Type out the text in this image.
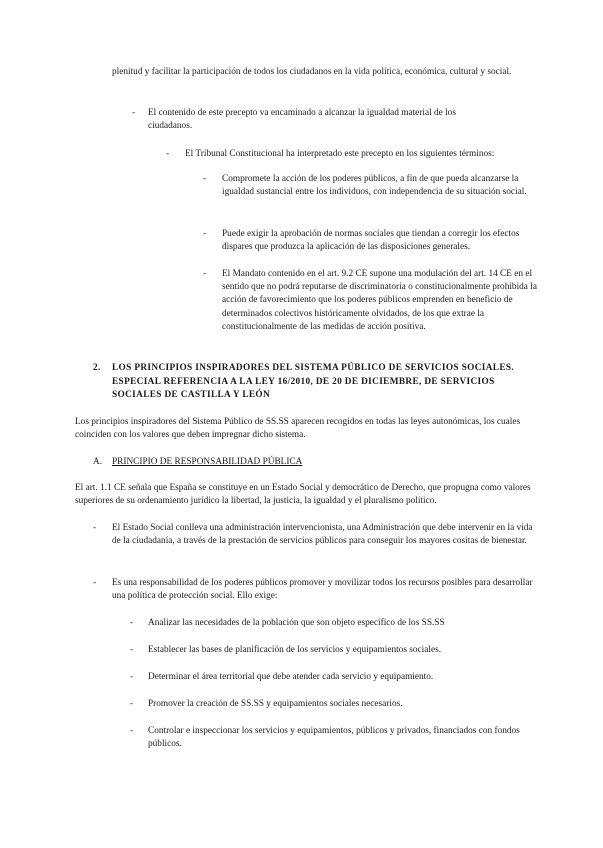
plenitud y facilitar la participación de todos los ciudadanos en la vida política, económica, cultural y social.

- El contenido de este precepto va encaminado a alcanzar la igualdad material de los ciudadanos.

- El Tribunal Constitucional ha interpretado este precepto en los siguientes términos:

- Compromete la acción de los poderes públicos, a fin de que pueda alcanzarse la igualdad sustancial entre los individuos, con independencia de su situación social.

- Puede exigir la aprobación de normas sociales que tiendan a corregir los efectos dispares que produzca la aplicación de las disposiciones generales.

- El Mandato contenido en el art. 9.2 CE supone una modulación del art. 14 CE en el sentido que no podrá reputarse de discriminatoria o constitucionalmente prohibida la acción de favorecimiento que los poderes públicos emprenden en beneficio de determinados colectivos históricamente olvidados, de los que extrae la constitucionalmente de las medidas de acción positiva.

2. LOS PRINCIPIOS INSPIRADORES DEL SISTEMA PÚBLICO DE SERVICIOS SOCIALES. ESPECIAL REFERENCIA A LA LEY 16/2010, DE 20 DE DICIEMBRE, DE SERVICIOS SOCIALES DE CASTILLA Y LEÓN

Los principios inspiradores del Sistema Público de SS.SS aparecen recogidos en todas las leyes autonómicas, los cuales coinciden con los valores que deben impregnar dicho sistema.

A. PRINCIPIO DE RESPONSABILIDAD PÚBLICA

El art. 1.1 CE señala que España se constituye en un Estado Social y democrático de Derecho, que propugna como valores superiores de su ordenamiento jurídico la libertad, la justicia, la igualdad y el pluralismo político.

- El Estado Social conlleva una administración intervencionista, una Administración que debe intervenir en la vida de la ciudadanía, a través de la prestación de servicios públicos para conseguir los mayores cositas de bienestar.

- Es una responsabilidad de los poderes públicos promover y movilizar todos los recursos posibles para desarrollar una política de protección social. Ello exige:

- Analizar las necesidades de la población que son objeto específico de los SS.SS

- Establecer las bases de planificación de los servicios y equipamientos sociales.

- Determinar el área territorial que debe atender cada servicio y equipamiento.

- Promover la creación de SS.SS y equipamientos sociales necesarios.

- Controlar e inspeccionar los servicios y equipamientos, públicos y privados, financiados con fondos públicos.
